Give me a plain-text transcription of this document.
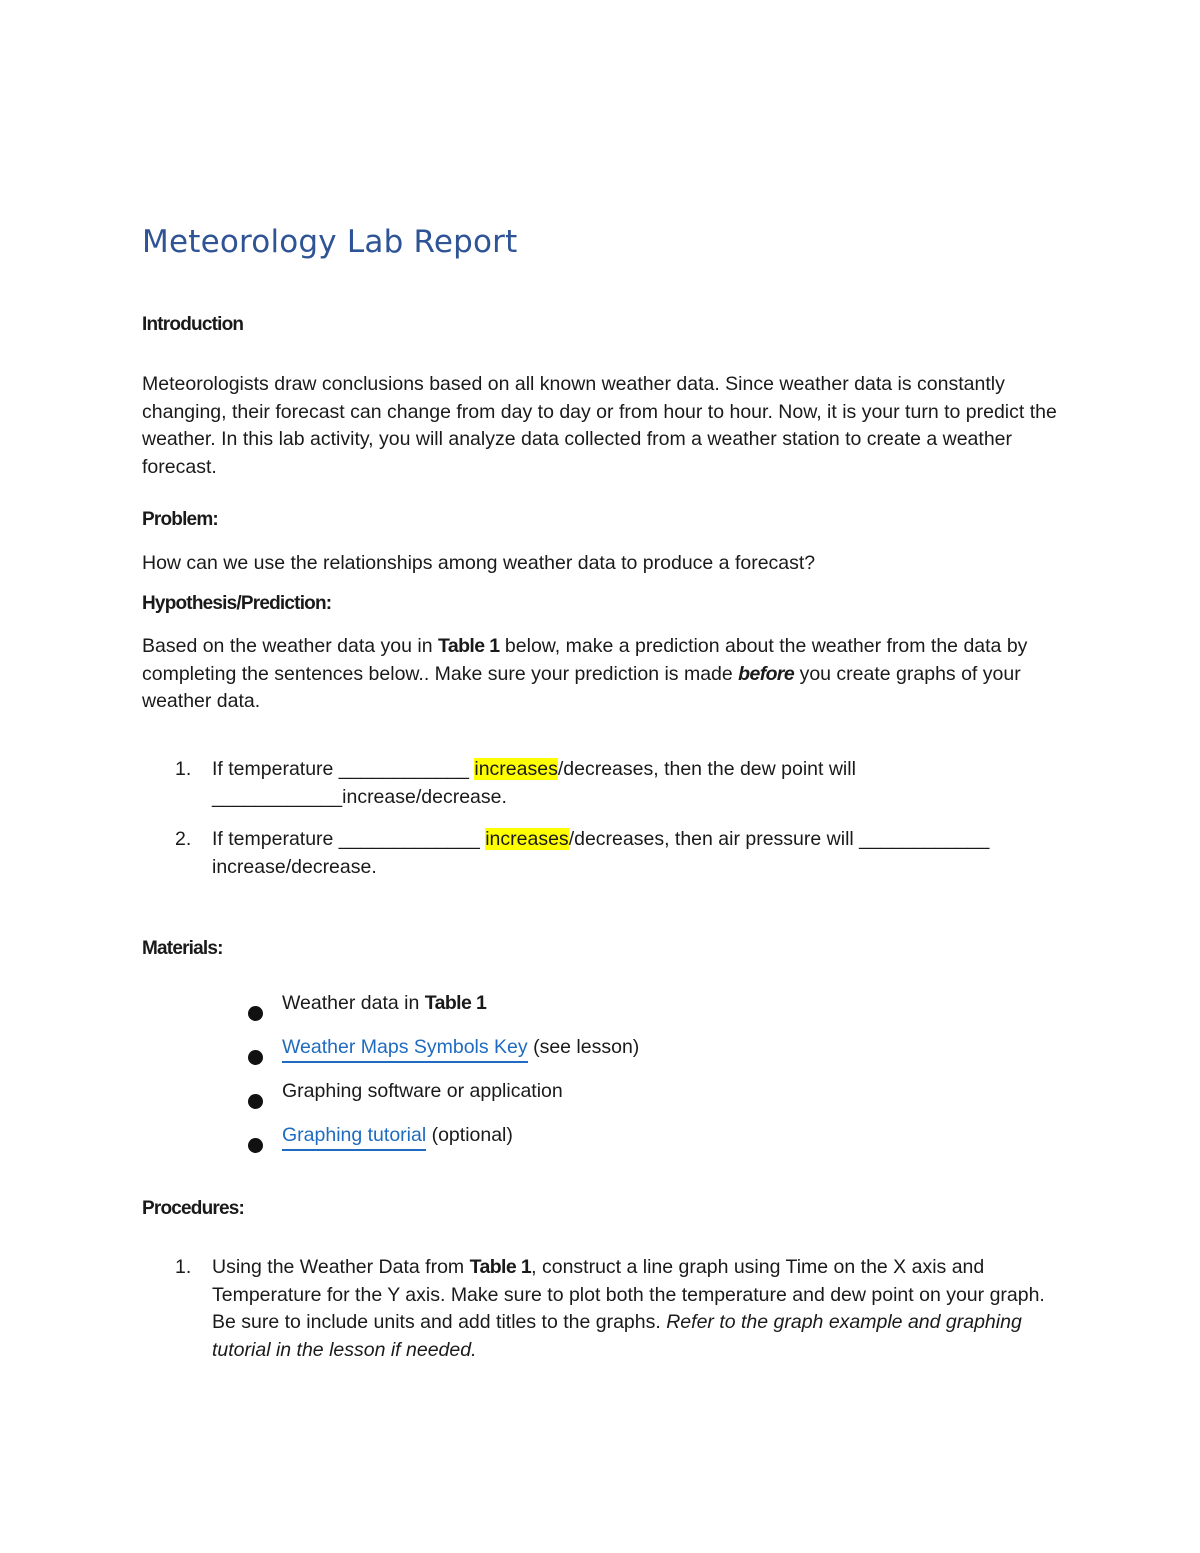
Meteorology Lab Report
Introduction

Meteorologists draw conclusions based on all known weather data. Since weather data is constantly changing, their forecast can change from day to day or from hour to hour. Now, it is your turn to predict the weather. In this lab activity, you will analyze data collected from a weather station to create a weather forecast.

Problem:

How can we use the relationships among weather data to produce a forecast?

Hypothesis/Prediction:

Based on the weather data you in Table 1 below, make a prediction about the weather from the data by completing the sentences below.. Make sure your prediction is made before you create graphs of your weather data.

1. If temperature ____________ increases/decreases, then the dew point will ____________increase/decrease.
2. If temperature _____________ increases/decreases, then air pressure will ____________ increase/decrease.
Materials:
Weather data in Table 1
Weather Maps Symbols Key (see lesson)
Graphing software or application
Graphing tutorial (optional)
Procedures:
1. Using the Weather Data from Table 1, construct a line graph using Time on the X axis and Temperature for the Y axis. Make sure to plot both the temperature and dew point on your graph. Be sure to include units and add titles to the graphs. Refer to the graph example and graphing tutorial in the lesson if needed.
